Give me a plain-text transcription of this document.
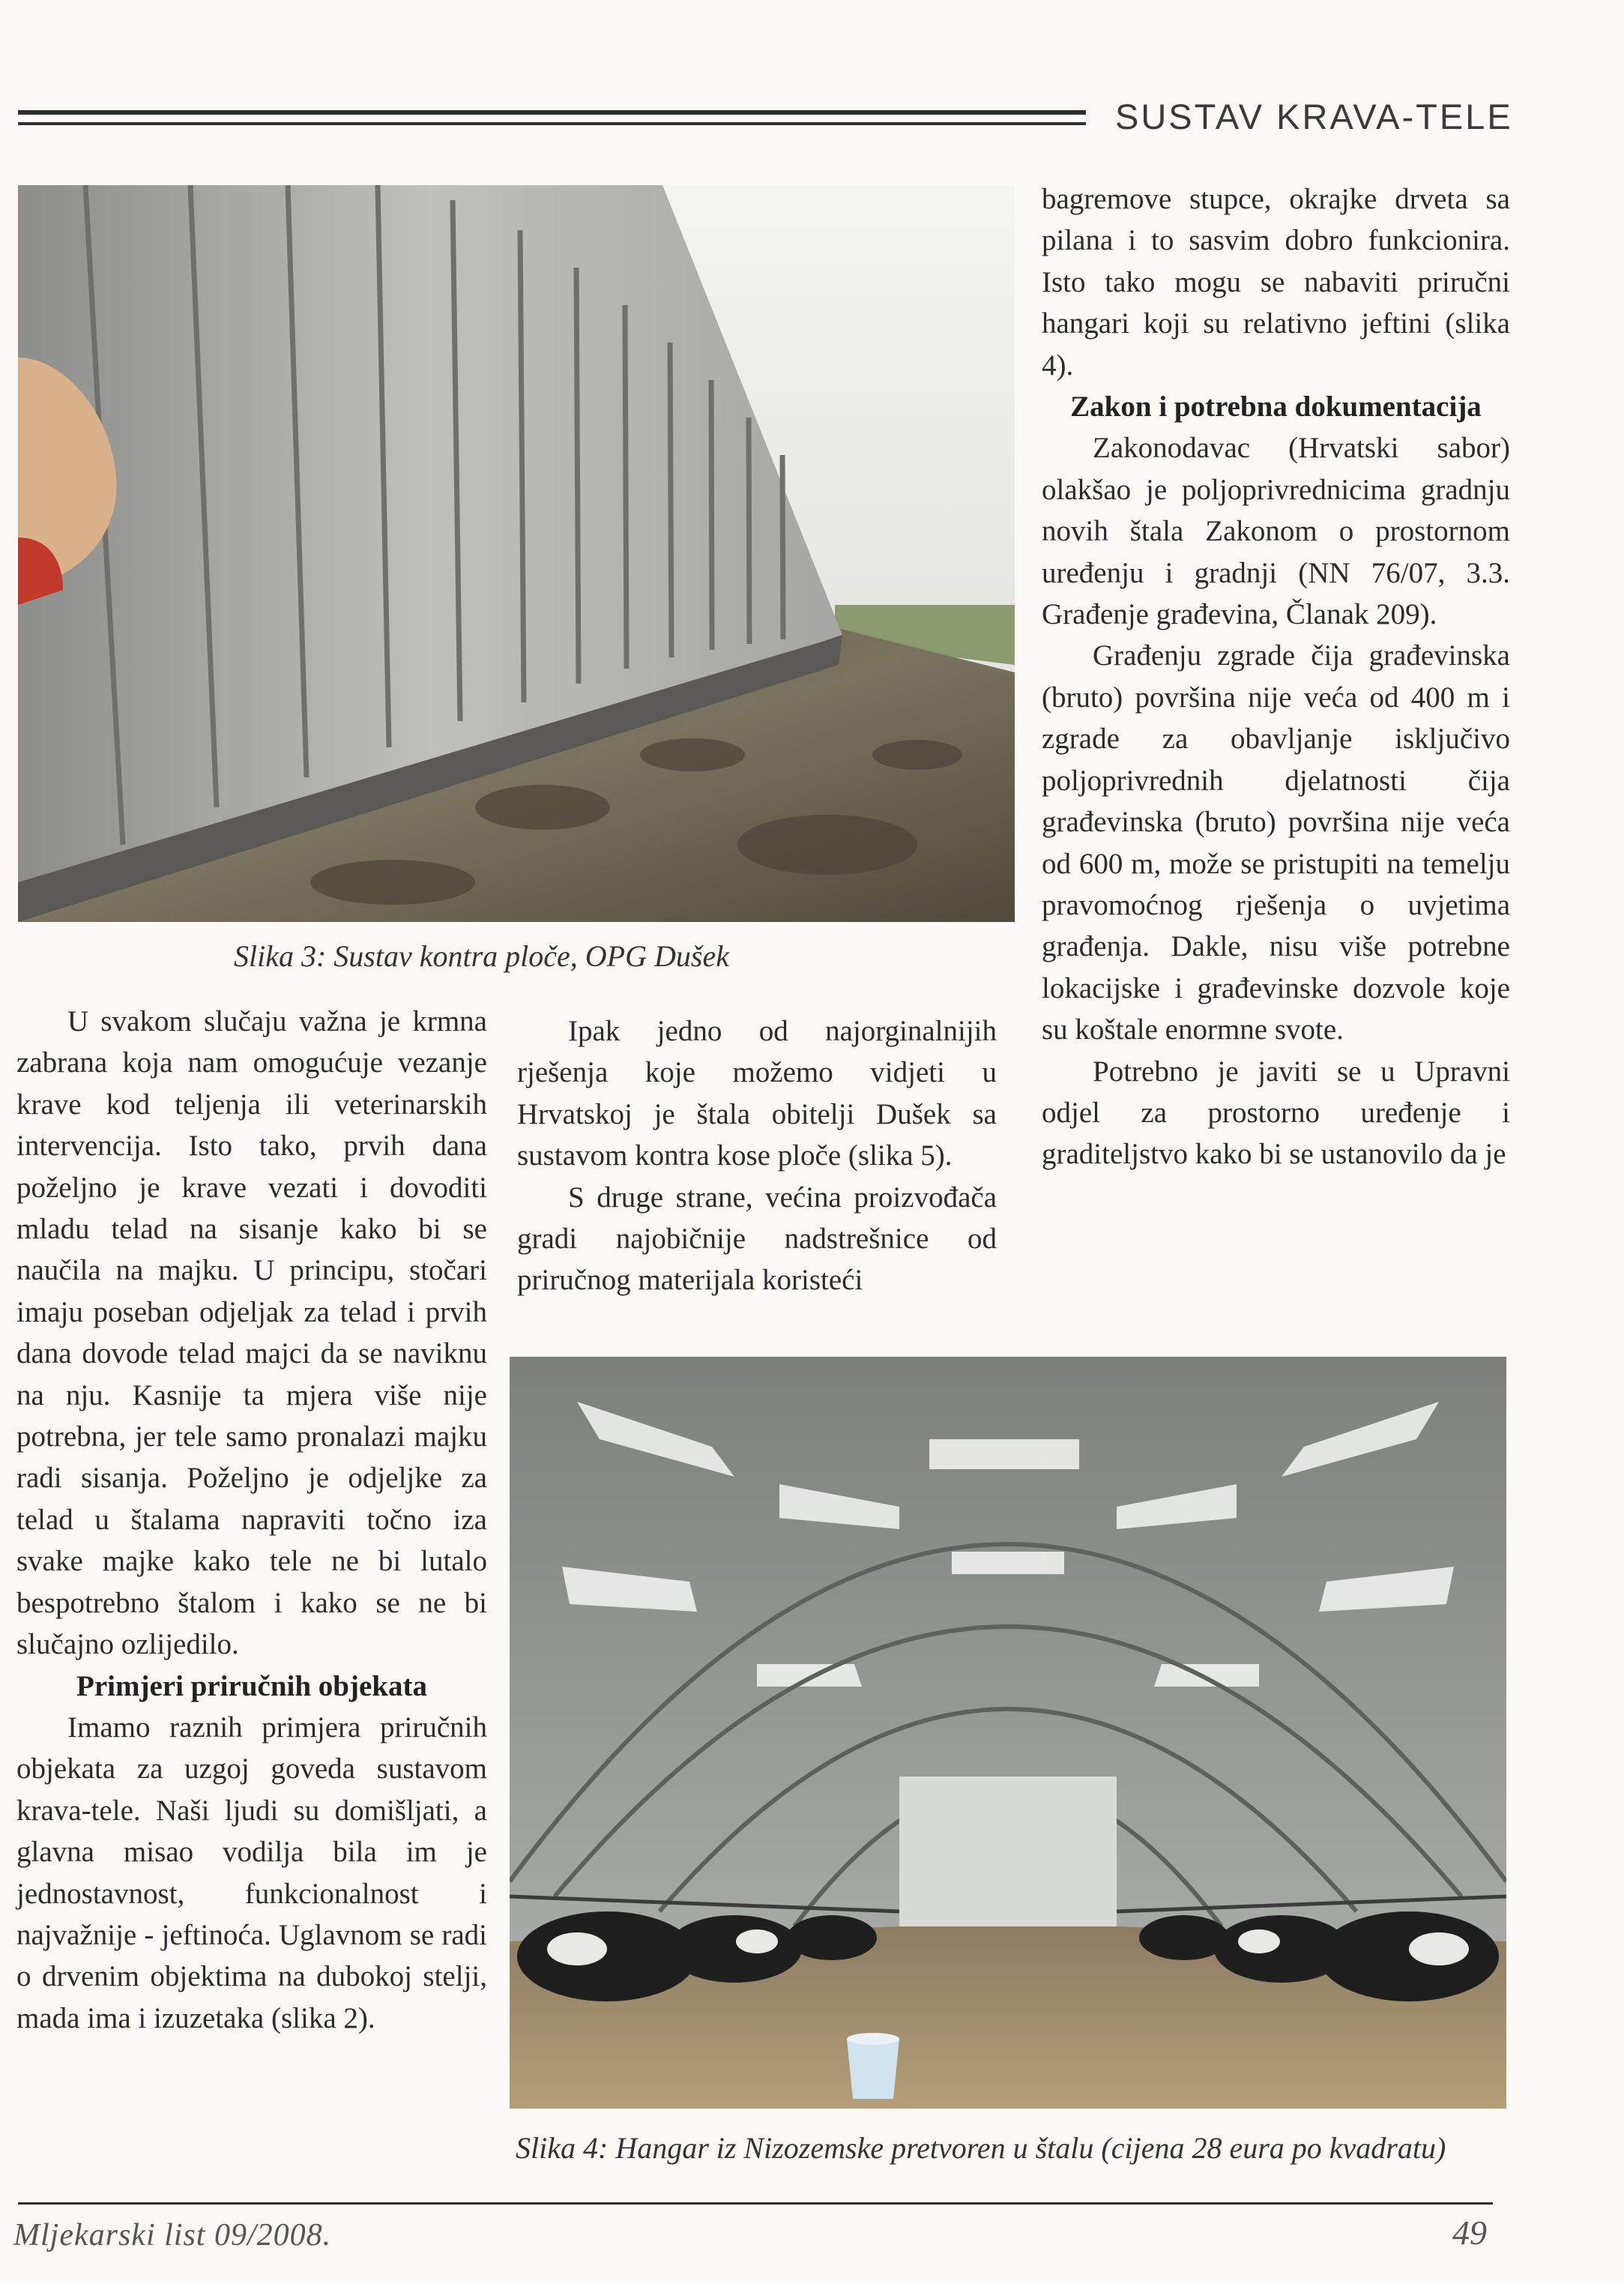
SUSTAV KRAVA-TELE
Slika 3: Sustav kontra ploče, OPG Dušek

U svakom slučaju važna je krmna zabrana koja nam omogućuje vezanje krave kod teljenja ili veterinarskih intervencija. Isto tako, prvih dana poželjno je krave vezati i dovoditi mladu telad na sisanje kako bi se naučila na majku. U principu, stočari imaju poseban odjeljak za telad i prvih dana dovode telad majci da se naviknu na nju. Kasnije ta mjera više nije potrebna, jer tele samo pronalazi majku radi sisanja. Poželjno je odjeljke za telad u štalama napraviti točno iza svake majke kako tele ne bi lutalo bespotrebno štalom i kako se ne bi slučajno ozlijedilo.

Primjeri priručnih objekata

Imamo raznih primjera priručnih objekata za uzgoj goveda sustavom krava-tele. Naši ljudi su domišljati, a glavna misao vodilja bila im je jednostavnost, funkcionalnost i najvažnije - jeftinoća. Uglavnom se radi o drvenim objektima na dubokoj stelji, mada ima i izuzetaka (slika 2).

Ipak jedno od najorginalnijih rješenja koje možemo vidjeti u Hrvatskoj je štala obitelji Dušek sa sustavom kontra kose ploče (slika 5).

S druge strane, većina proizvođača gradi najobičnije nadstrešnice od priručnog materijala koristeći

bagremove stupce, okrajke drveta sa pilana i to sasvim dobro funkcionira. Isto tako mogu se nabaviti priručni hangari koji su relativno jeftini (slika 4).

Zakon i potrebna dokumentacija

Zakonodavac (Hrvatski sabor) olakšao je poljoprivrednicima gradnju novih štala Zakonom o prostornom uređenju i gradnji (NN 76/07, 3.3. Građenje građevina, Članak 209).

Građenju zgrade čija građevinska (bruto) površina nije veća od 400 m i zgrade za obavljanje isključivo poljoprivrednih djelatnosti čija građevinska (bruto) površina nije veća od 600 m, može se pristupiti na temelju pravomoćnog rješenja o uvjetima građenja. Dakle, nisu više potrebne lokacijske i građevinske dozvole koje su koštale enormne svote.

Potrebno je javiti se u Upravni odjel za prostorno uređenje i graditeljstvo kako bi se ustanovilo da je

Slika 4: Hangar iz Nizozemske pretvoren u štalu (cijena 28 eura po kvadratu)
Mljekarski list 09/2008.	49
